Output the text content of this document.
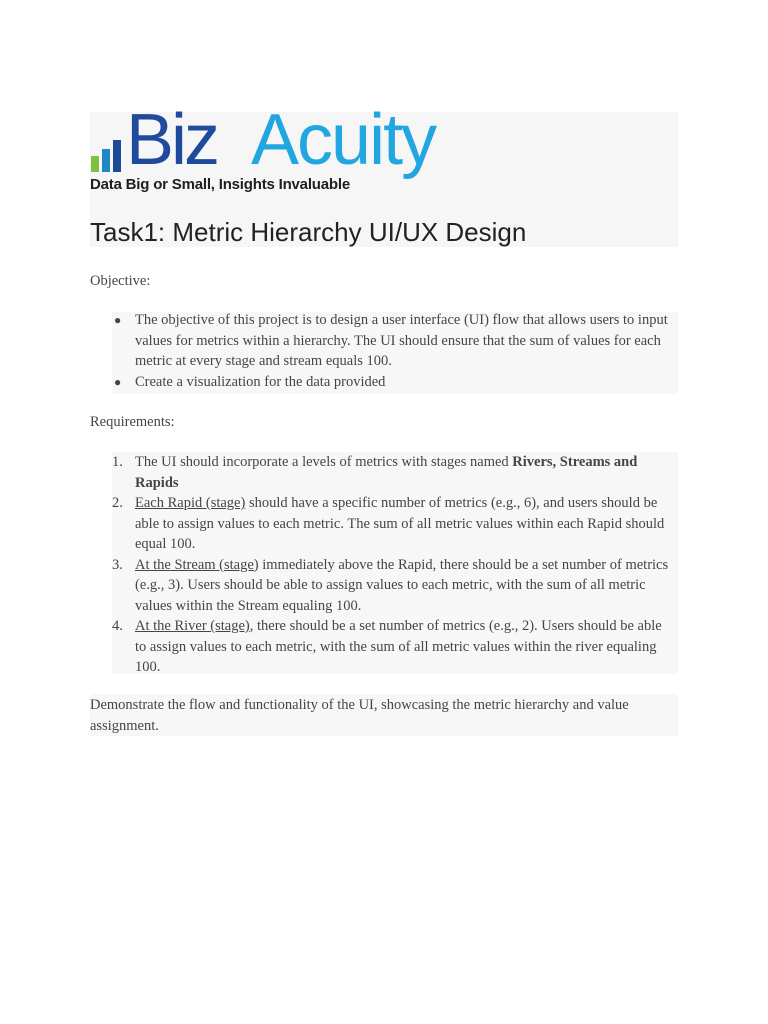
Biz Acuity
Data Big or Small, Insights Invaluable
Task1: Metric Hierarchy UI/UX Design
Objective:
● The objective of this project is to design a user interface (UI) flow that allows users to input values for metrics within a hierarchy. The UI should ensure that the sum of values for each metric at every stage and stream equals 100.
● Create a visualization for the data provided
Requirements:
1. The UI should incorporate a levels of metrics with stages named Rivers, Streams and Rapids
2. Each Rapid (stage) should have a specific number of metrics (e.g., 6), and users should be able to assign values to each metric. The sum of all metric values within each Rapid should equal 100.
3. At the Stream (stage) immediately above the Rapid, there should be a set number of metrics (e.g., 3). Users should be able to assign values to each metric, with the sum of all metric values within the Stream equaling 100.
4. At the River (stage), there should be a set number of metrics (e.g., 2). Users should be able to assign values to each metric, with the sum of all metric values within the river equaling 100.
Demonstrate the flow and functionality of the UI, showcasing the metric hierarchy and value assignment.
